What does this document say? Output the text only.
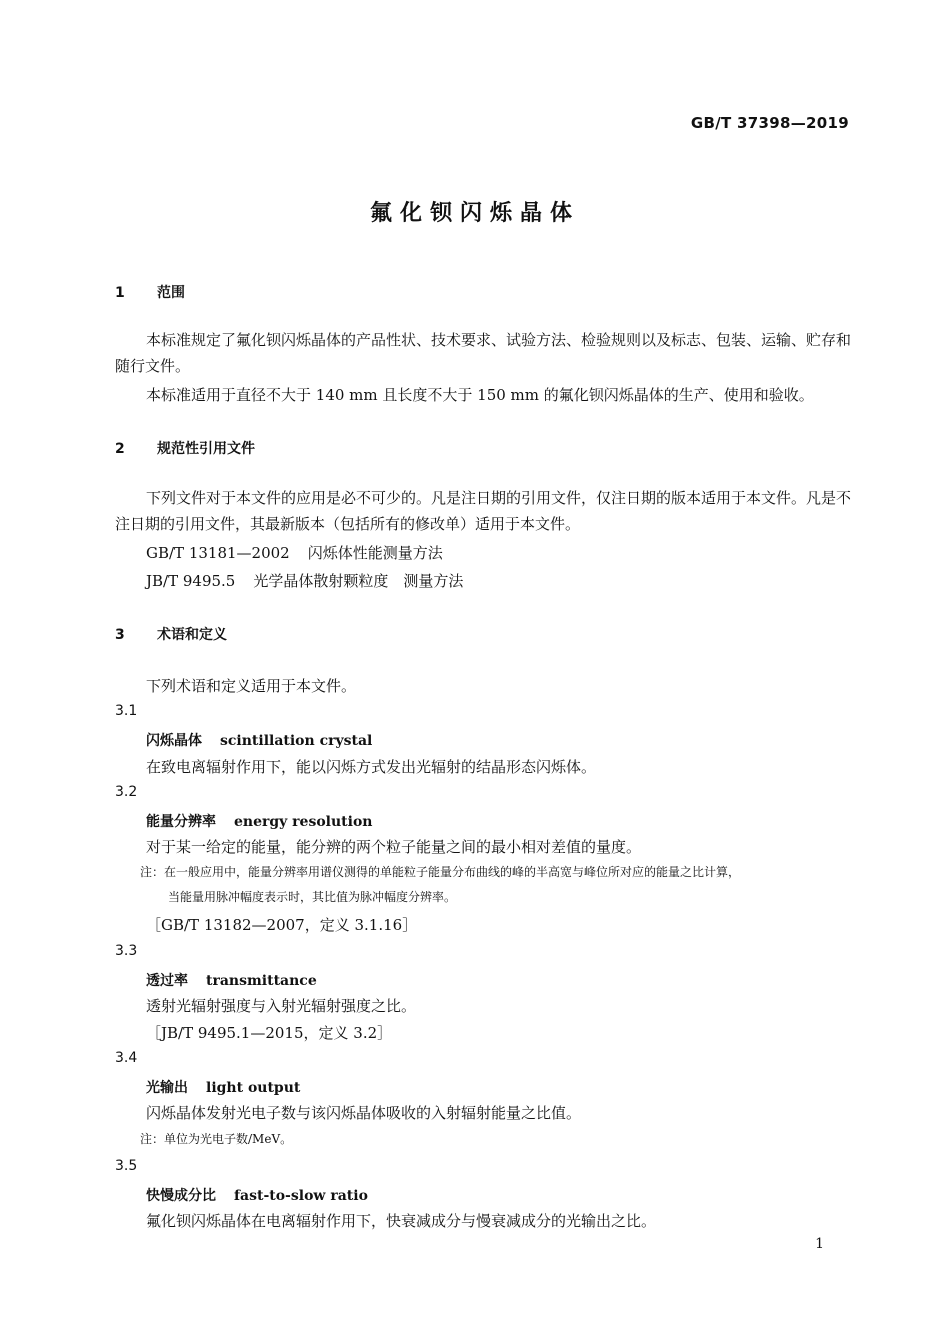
GB/T 37398—2019
氟化钡闪烁晶体
1 范围
本标准规定了氟化钡闪烁晶体的产品性状、技术要求、试验方法、检验规则以及标志、包装、运输、贮存和随行文件。
本标准适用于直径不大于 140 mm 且长度不大于 150 mm 的氟化钡闪烁晶体的生产、使用和验收。
2 规范性引用文件
下列文件对于本文件的应用是必不可少的。凡是注日期的引用文件，仅注日期的版本适用于本文件。凡是不注日期的引用文件，其最新版本（包括所有的修改单）适用于本文件。
GB/T 13181—2002 闪烁体性能测量方法
JB/T 9495.5 光学晶体散射颗粒度　测量方法
3 术语和定义
下列术语和定义适用于本文件。
3.1
闪烁晶体 scintillation crystal
在致电离辐射作用下，能以闪烁方式发出光辐射的结晶形态闪烁体。
3.2
能量分辨率 energy resolution
对于某一给定的能量，能分辨的两个粒子能量之间的最小相对差值的量度。
注：在一般应用中，能量分辨率用谱仪测得的单能粒子能量分布曲线的峰的半高宽与峰位所对应的能量之比计算，
当能量用脉冲幅度表示时，其比值为脉冲幅度分辨率。
［GB/T 13182—2007，定义 3.1.16］
3.3
透过率 transmittance
透射光辐射强度与入射光辐射强度之比。
［JB/T 9495.1—2015，定义 3.2］
3.4
光输出 light output
闪烁晶体发射光电子数与该闪烁晶体吸收的入射辐射能量之比值。
注：单位为光电子数/MeV。
3.5
快慢成分比 fast-to-slow ratio
氟化钡闪烁晶体在电离辐射作用下，快衰减成分与慢衰减成分的光输出之比。
1
